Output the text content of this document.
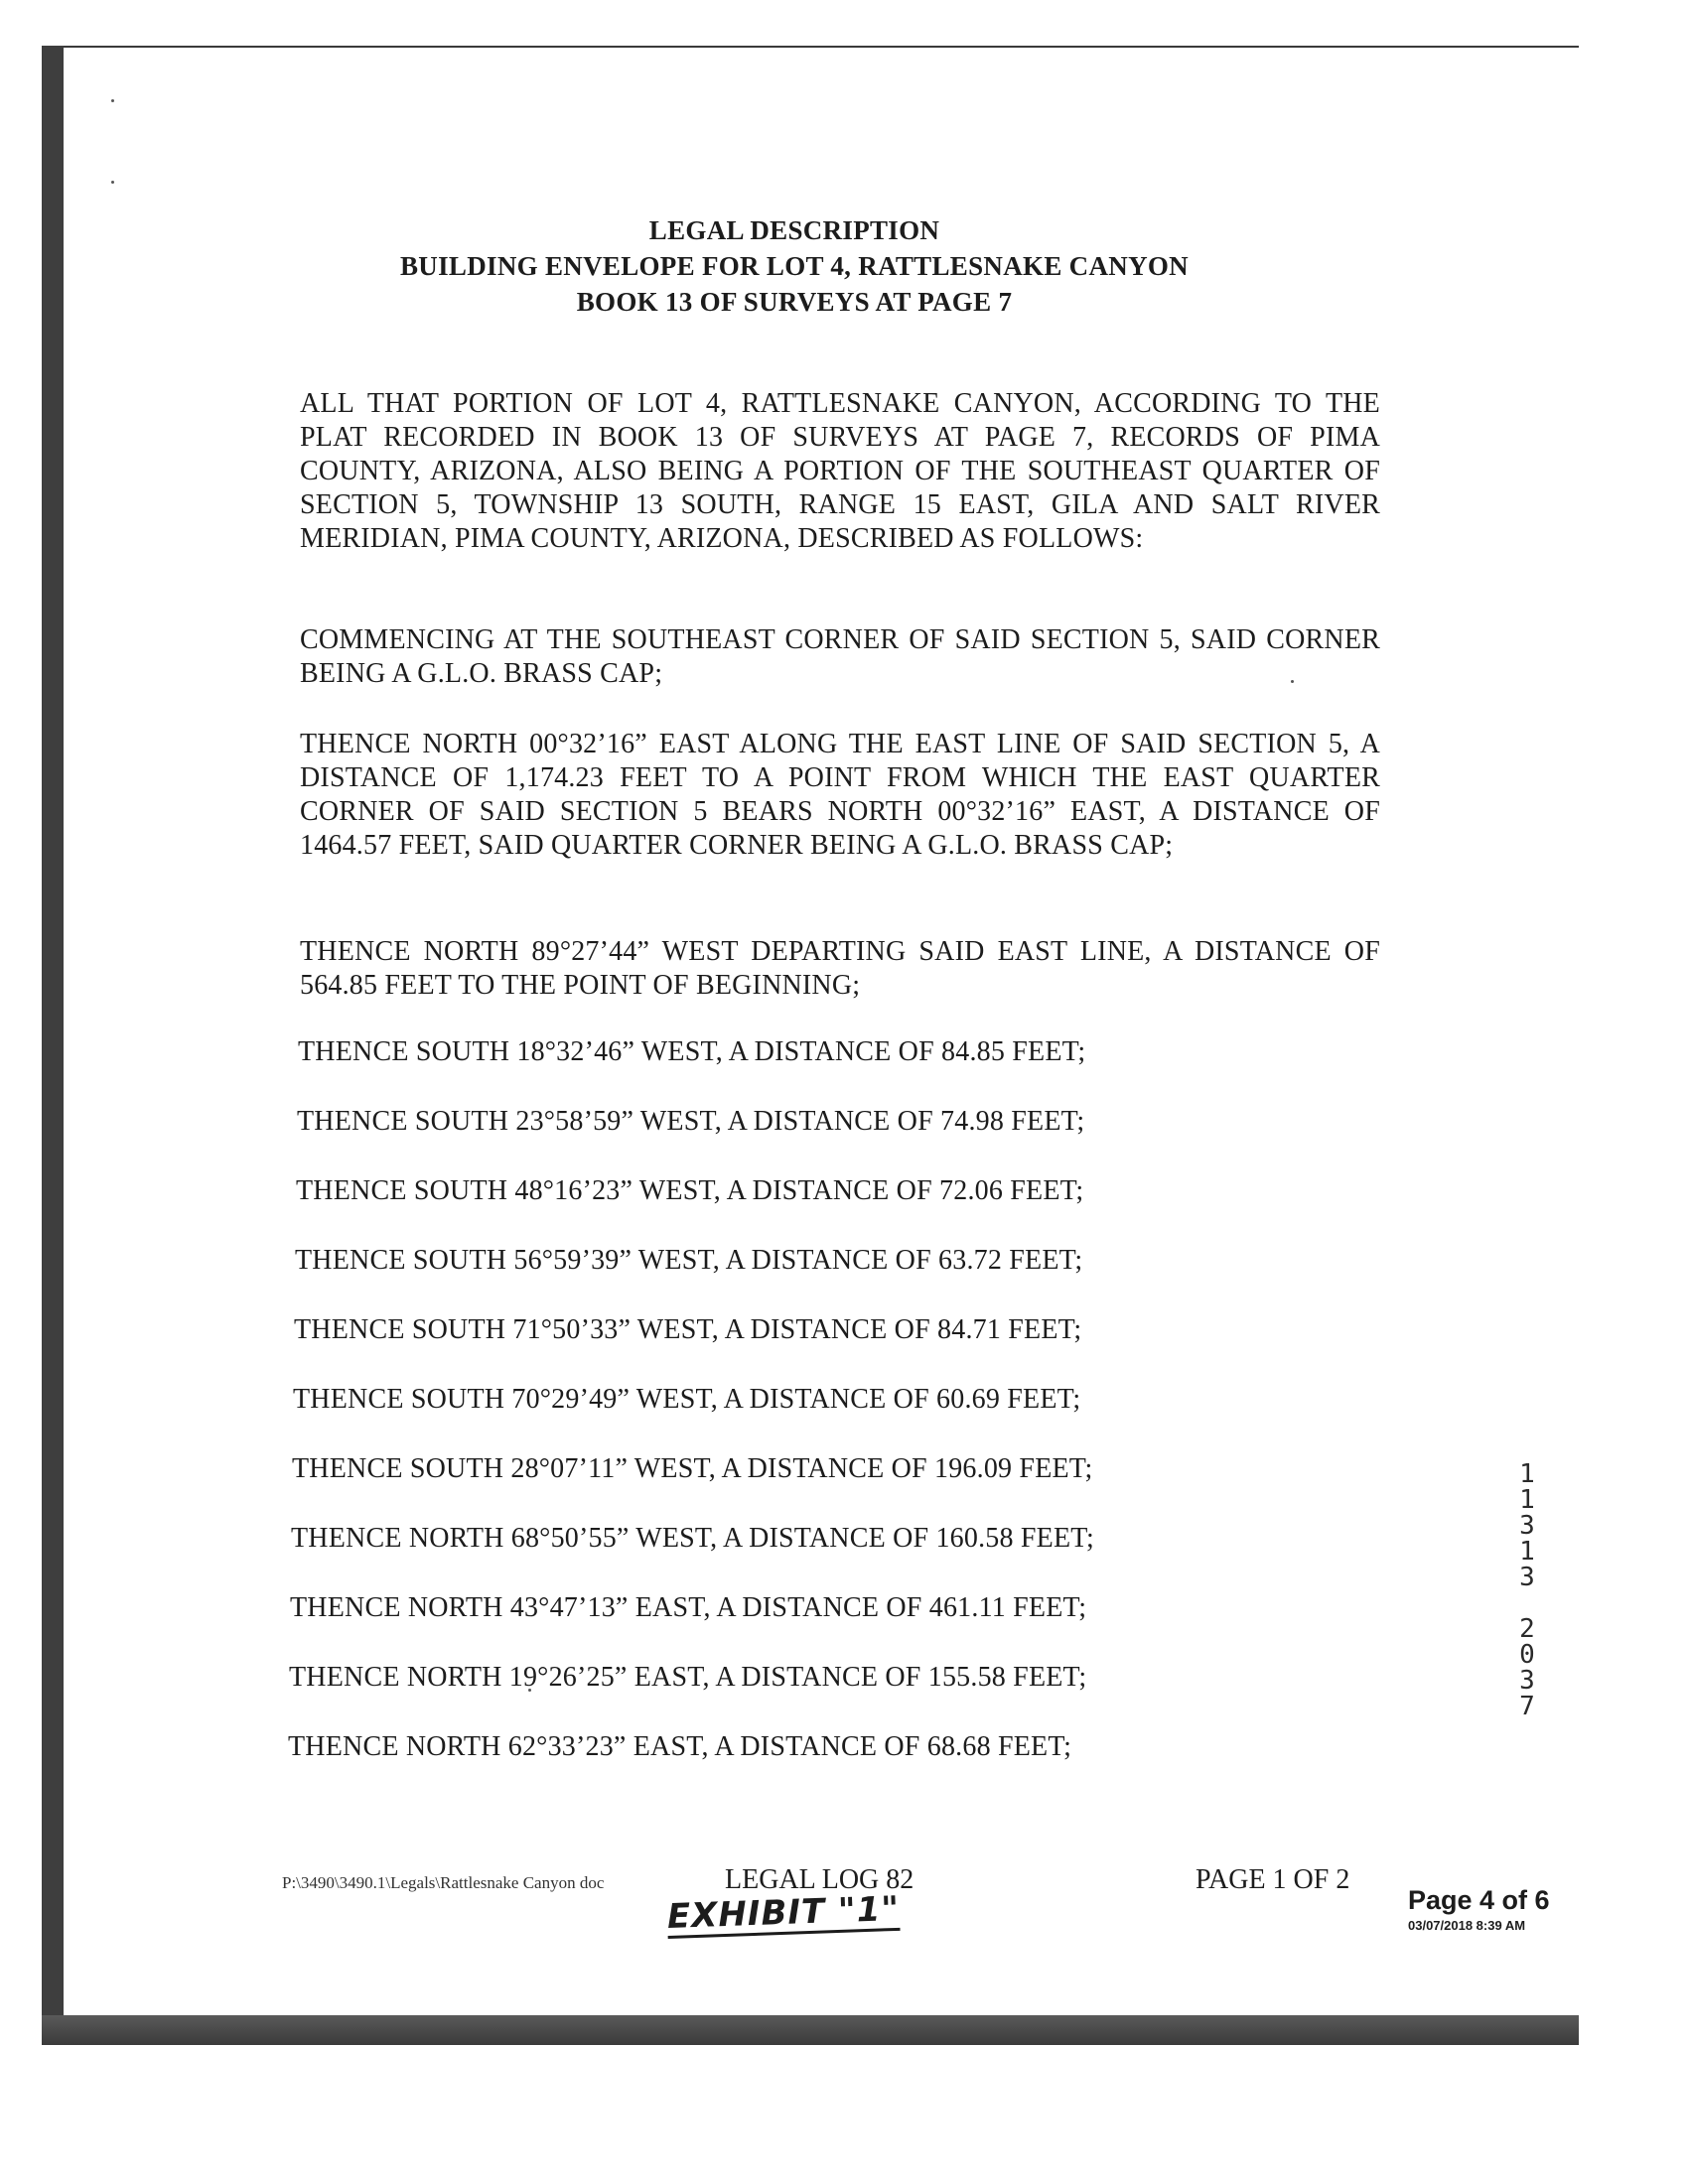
LEGAL DESCRIPTION
BUILDING ENVELOPE FOR LOT 4, RATTLESNAKE CANYON
BOOK 13 OF SURVEYS AT PAGE 7
ALL THAT PORTION OF LOT 4, RATTLESNAKE CANYON, ACCORDING TO THE PLAT RECORDED IN BOOK 13 OF SURVEYS AT PAGE 7, RECORDS OF PIMA COUNTY, ARIZONA, ALSO BEING A PORTION OF THE SOUTHEAST QUARTER OF SECTION 5, TOWNSHIP 13 SOUTH, RANGE 15 EAST, GILA AND SALT RIVER MERIDIAN, PIMA COUNTY, ARIZONA, DESCRIBED AS FOLLOWS:
COMMENCING AT THE SOUTHEAST CORNER OF SAID SECTION 5, SAID CORNER BEING A G.L.O. BRASS CAP;
THENCE NORTH 00°32’16” EAST ALONG THE EAST LINE OF SAID SECTION 5, A DISTANCE OF 1,174.23 FEET TO A POINT FROM WHICH THE EAST QUARTER CORNER OF SAID SECTION 5 BEARS NORTH 00°32’16” EAST, A DISTANCE OF 1464.57 FEET, SAID QUARTER CORNER BEING A G.L.O. BRASS CAP;
THENCE NORTH 89°27’44” WEST DEPARTING SAID EAST LINE, A DISTANCE OF 564.85 FEET TO THE POINT OF BEGINNING;
THENCE SOUTH 18°32’46” WEST, A DISTANCE OF 84.85 FEET;
THENCE SOUTH 23°58’59” WEST, A DISTANCE OF 74.98 FEET;
THENCE SOUTH 48°16’23” WEST, A DISTANCE OF 72.06 FEET;
THENCE SOUTH 56°59’39” WEST, A DISTANCE OF 63.72 FEET;
THENCE SOUTH 71°50’33” WEST, A DISTANCE OF 84.71 FEET;
THENCE SOUTH 70°29’49” WEST, A DISTANCE OF 60.69 FEET;
THENCE SOUTH 28°07’11” WEST, A DISTANCE OF 196.09 FEET;
THENCE NORTH 68°50’55” WEST, A DISTANCE OF 160.58 FEET;
THENCE NORTH 43°47’13” EAST, A DISTANCE OF 461.11 FEET;
THENCE NORTH 19°26’25” EAST, A DISTANCE OF 155.58 FEET;
THENCE NORTH 62°33’23” EAST, A DISTANCE OF 68.68 FEET;
1
1
3
1
3

2
0
3
7
P:\3490\3490.1\Legals\Rattlesnake Canyon doc	LEGAL LOG 82
EXHIBIT "1"
PAGE 1 OF 2
Page 4 of 6
03/07/2018 8:39 AM
